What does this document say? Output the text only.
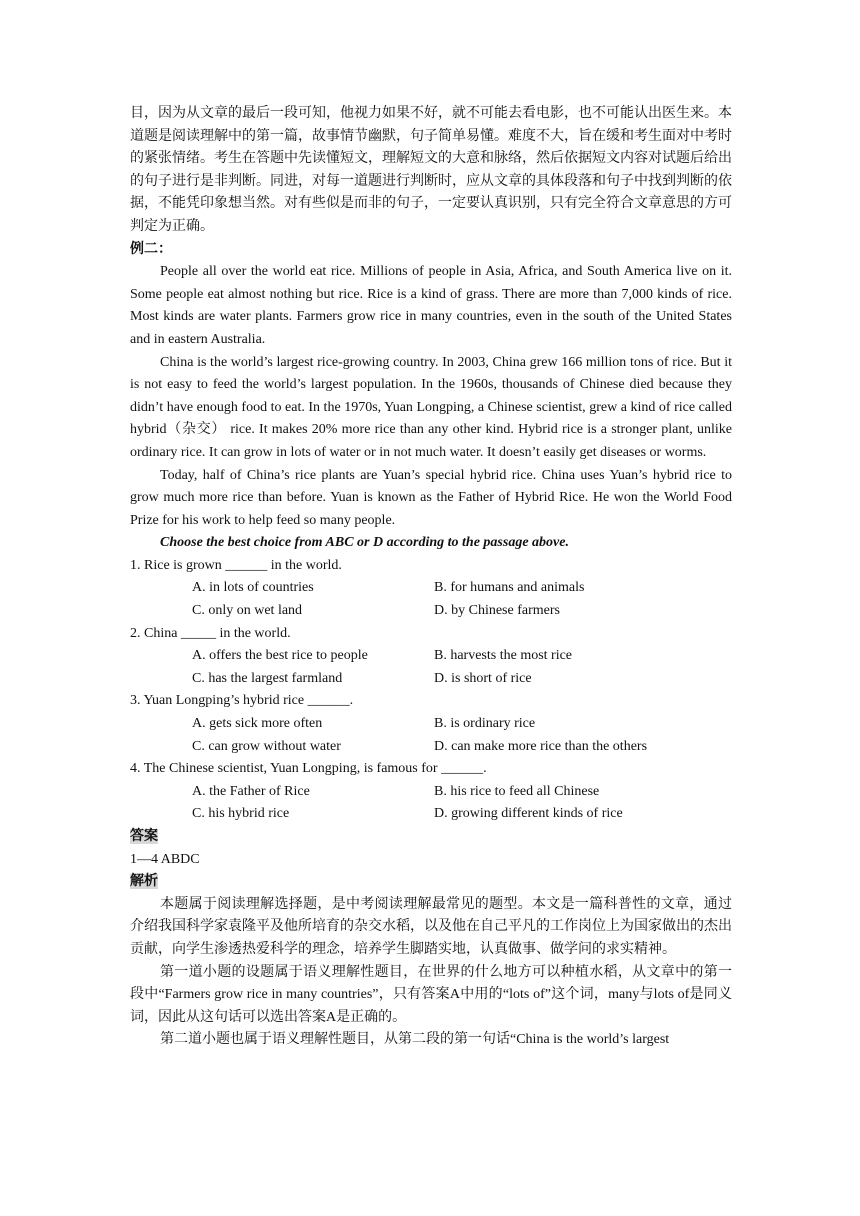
目，因为从文章的最后一段可知，他视力如果不好，就不可能去看电影，也不可能认出医生来。本道题是阅读理解中的第一篇，故事情节幽默，句子简单易懂。难度不大，旨在缓和考生面对中考时的紧张情绪。考生在答题中先读懂短文，理解短文的大意和脉络，然后依据短文内容对试题后给出的句子进行是非判断。同进，对每一道题进行判断时，应从文章的具体段落和句子中找到判断的依据，不能凭印象想当然。对有些似是而非的句子，一定要认真识别，只有完全符合文章意思的方可判定为正确。

例二：

People all over the world eat rice. Millions of people in Asia, Africa, and South America live on it. Some people eat almost nothing but rice. Rice is a kind of grass. There are more than 7,000 kinds of rice. Most kinds are water plants. Farmers grow rice in many countries, even in the south of the United States and in eastern Australia.

China is the world’s largest rice-growing country. In 2003, China grew 166 million tons of rice. But it is not easy to feed the world’s largest population. In the 1960s, thousands of Chinese died because they didn’t have enough food to eat. In the 1970s, Yuan Longping, a Chinese scientist, grew a kind of rice called hybrid（杂交） rice. It makes 20% more rice than any other kind. Hybrid rice is a stronger plant, unlike ordinary rice. It can grow in lots of water or in not much water. It doesn’t easily get diseases or worms.

Today, half of China’s rice plants are Yuan’s special hybrid rice. China uses Yuan’s hybrid rice to grow much more rice than before. Yuan is known as the Father of Hybrid Rice. He won the World Food Prize for his work to help feed so many people.

Choose the best choice from ABC or D according to the passage above.

1. Rice is grown ______ in the world.

A. in lots of countries	B. for humans and animals
C. only on wet land	D. by Chinese farmers

2. China _____ in the world.

A. offers the best rice to people	B. harvests the most rice
C. has the largest farmland	D. is short of rice

3. Yuan Longping’s hybrid rice ______.

A. gets sick more often	B. is ordinary rice
C. can grow without water	D. can make more rice than the others

4. The Chinese scientist, Yuan Longping, is famous for ______.

A. the Father of Rice	B. his rice to feed all Chinese
C. his hybrid rice	D. growing different kinds of rice

答案

1—4 ABDC

解析

本题属于阅读理解选择题，是中考阅读理解最常见的题型。本文是一篇科普性的文章，通过介绍我国科学家袁隆平及他所培育的杂交水稻，以及他在自己平凡的工作岗位上为国家做出的杰出贡献，向学生渗透热爱科学的理念，培养学生脚踏实地，认真做事、做学问的求实精神。

第一道小题的设题属于语义理解性题目，在世界的什么地方可以种植水稻，从文章中的第一段中“Farmers grow rice in many countries”，只有答案A中用的“lots of”这个词，many与lots of是同义词，因此从这句话可以选出答案A是正确的。

第二道小题也属于语义理解性题目，从第二段的第一句话“China is the world’s largest
